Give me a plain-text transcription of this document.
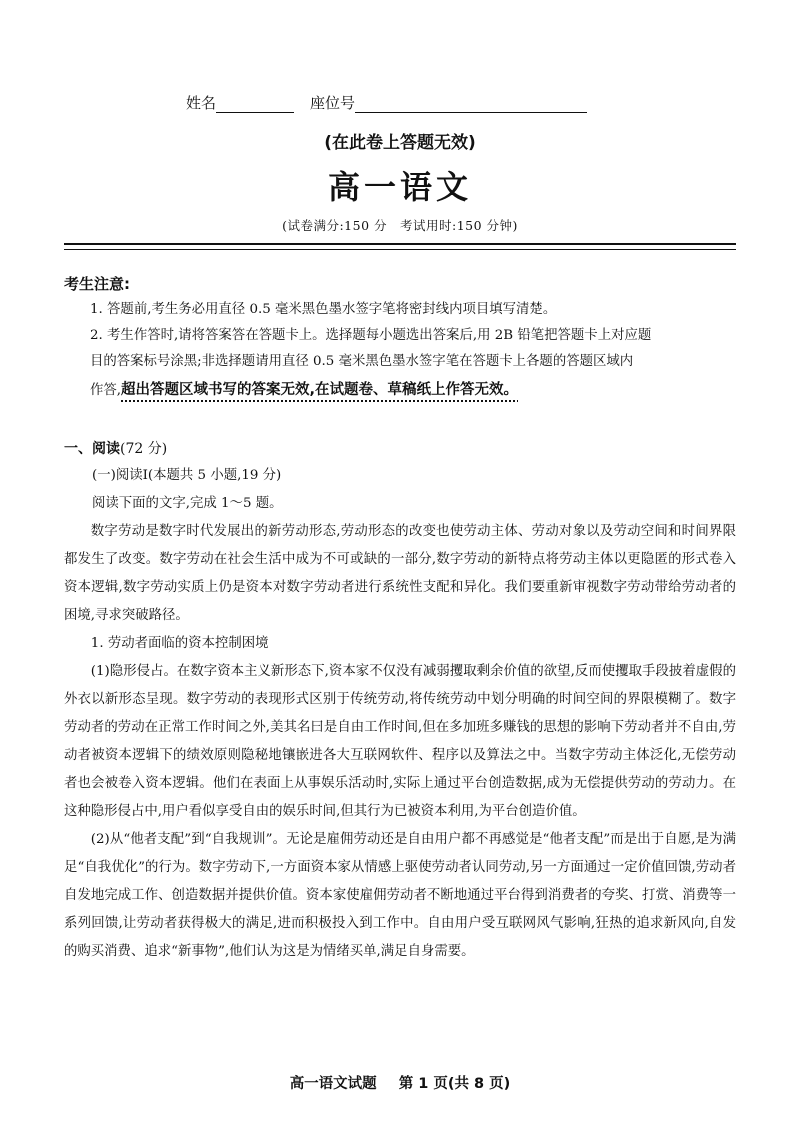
姓名	座位号
(在此卷上答题无效)
高一语文
(试卷满分:150 分　考试用时:150 分钟)
考生注意:
1. 答题前,考生务必用直径 0.5 毫米黑色墨水签字笔将密封线内项目填写清楚。
2. 考生作答时,请将答案答在答题卡上。选择题每小题选出答案后,用 2B 铅笔把答题卡上对应题
目的答案标号涂黑;非选择题请用直径 0.5 毫米黑色墨水签字笔在答题卡上各题的答题区域内
作答,超出答题区域书写的答案无效,在试题卷、草稿纸上作答无效。
一、阅读(72 分)
(一)阅读Ⅰ(本题共 5 小题,19 分)
阅读下面的文字,完成 1～5 题。

数字劳动是数字时代发展出的新劳动形态,劳动形态的改变也使劳动主体、劳动对象以及劳动空间和时间界限都发生了改变。数字劳动在社会生活中成为不可或缺的一部分,数字劳动的新特点将劳动主体以更隐匿的形式卷入资本逻辑,数字劳动实质上仍是资本对数字劳动者进行系统性支配和异化。我们要重新审视数字劳动带给劳动者的困境,寻求突破路径。

1. 劳动者面临的资本控制困境

(1)隐形侵占。在数字资本主义新形态下,资本家不仅没有减弱攫取剩余价值的欲望,反而使攫取手段披着虚假的外衣以新形态呈现。数字劳动的表现形式区别于传统劳动,将传统劳动中划分明确的时间空间的界限模糊了。数字劳动者的劳动在正常工作时间之外,美其名曰是自由工作时间,但在多加班多赚钱的思想的影响下劳动者并不自由,劳动者被资本逻辑下的绩效原则隐秘地镶嵌进各大互联网软件、程序以及算法之中。当数字劳动主体泛化,无偿劳动者也会被卷入资本逻辑。他们在表面上从事娱乐活动时,实际上通过平台创造数据,成为无偿提供劳动的劳动力。在这种隐形侵占中,用户看似享受自由的娱乐时间,但其行为已被资本利用,为平台创造价值。

(2)从“他者支配”到“自我规训”。无论是雇佣劳动还是自由用户都不再感觉是“他者支配”而是出于自愿,是为满足“自我优化”的行为。数字劳动下,一方面资本家从情感上驱使劳动者认同劳动,另一方面通过一定价值回馈,劳动者自发地完成工作、创造数据并提供价值。资本家使雇佣劳动者不断地通过平台得到消费者的夸奖、打赏、消费等一系列回馈,让劳动者获得极大的满足,进而积极投入到工作中。自由用户受互联网风气影响,狂热的追求新风向,自发的购买消费、追求“新事物”,他们认为这是为情绪买单,满足自身需要。

高一语文试题 第 1 页(共 8 页)
